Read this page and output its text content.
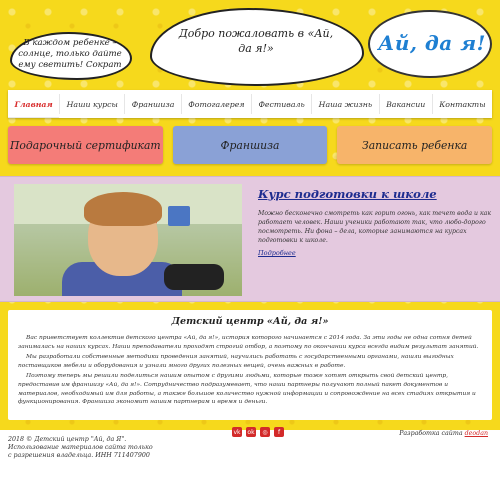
В каждом ребенке – солнце, только дайте ему светить! Сократ
Добро пожаловать в «Ай, да я!»	Ай, да я!
Главная	Наши курсы	Франшиза	Фотогалерея	Фестиваль	Наша жизнь	Вакансии	Контакты
Подарочный сертификат	Франшиза	Записать ребенка
Курс подготовки к школе
Можно бесконечно смотреть как горит огонь, как течет вода и как работает человек. Наши ученики работают так, что любо-дорого посмотреть. Ни фона – дела, которые занимаются на курсах подготовки к школе.
Подробнее
Детский центр «Ай, да я!»

Вас приветствует коллектив детского центра «Ай, да я!», история которого начинается с 2014 года. За эти годы не одна сотня детей занималась на наших курсах. Наши преподаватели проходят строгий отбор, а поэтому по окончании курса всегда видим результат занятий.

Мы разработали собственные методики проведения занятий, научились работать с государственными органами, нашли выгодных поставщиков мебели и оборудования и узнали много других полезных вещей, очень важных в работе.

Поэтому теперь мы решили поделиться нашим опытом с другими людьми, которые тоже хотят открыть свой детский центр, предоставив им франшизу «Ай, да я!». Сотрудничество подразумевает, что наши партнеры получают полный пакет документов и материалов, необходимый им для работы, а также большое количество нужной информации и сопровождение на всех стадиях открытия и функционирования. Франшиза экономит нашим партнерам и время и деньги.

2018 © Детский центр "Ай, да Я". Использование материалов сайта только с разрешения владельца. ИНН 711407900
vk ok	◎	f	Разработка сайта deodan
